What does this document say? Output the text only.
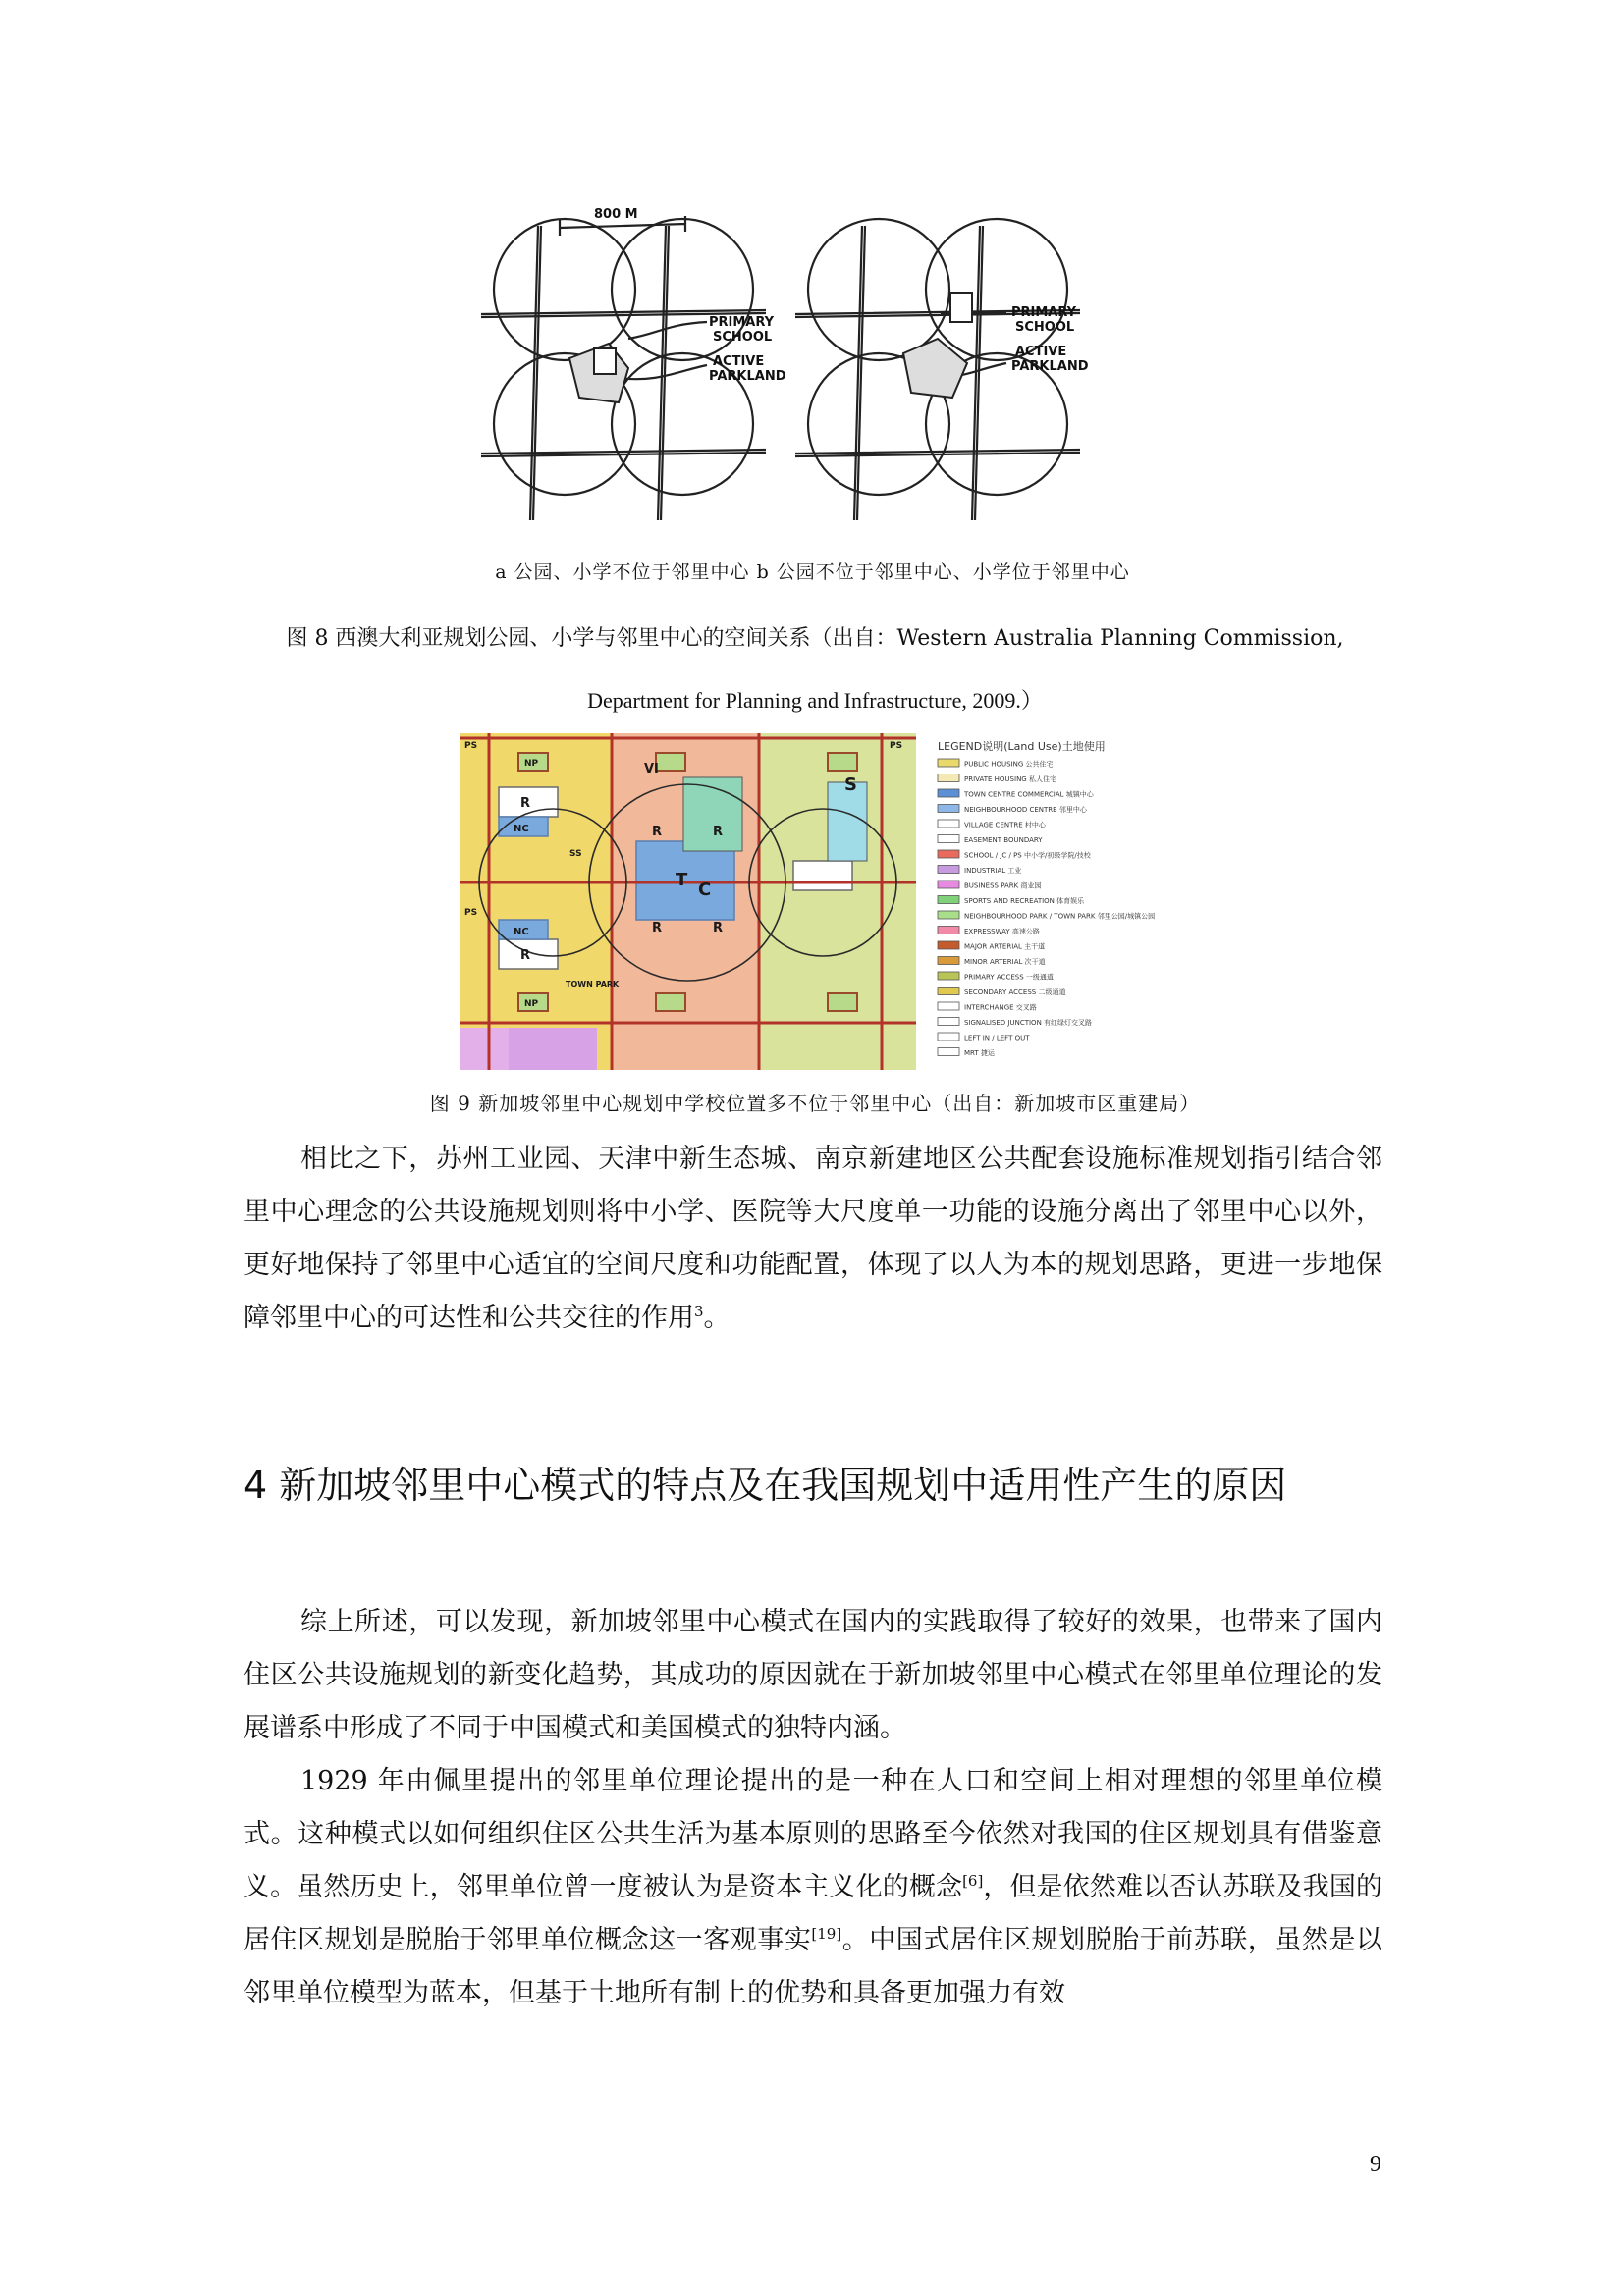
800 M
PRIMARY
SCHOOL
ACTIVE
PARKLAND
PRIMARY
SCHOOL
ACTIVE
PARKLAND
a 公园、小学不位于邻里中心 b 公园不位于邻里中心、小学位于邻里中心
图 8 西澳大利亚规划公园、小学与邻里中心的空间关系（出自：Western Australia Planning Commission,
Department for Planning and Infrastructure, 2009.）
R	R
R	R
T C
S
VI
NC
NC
R
R
PS
PS
PS
NP
NP
TOWN PARK
SS
LEGEND说明(Land Use)土地使用
PUBLIC HOUSING 公共住宅
PRIVATE HOUSING 私人住宅
TOWN CENTRE COMMERCIAL 城镇中心
NEIGHBOURHOOD CENTRE 邻里中心
VILLAGE CENTRE 村中心
EASEMENT BOUNDARY
SCHOOL / JC / PS 中小学/初级学院/技校
INDUSTRIAL 工业
BUSINESS PARK 商业园
SPORTS AND RECREATION 体育娱乐
NEIGHBOURHOOD PARK / TOWN PARK 邻里公园/城镇公园
EXPRESSWAY 高速公路
MAJOR ARTERIAL 主干道
MINOR ARTERIAL 次干道
PRIMARY ACCESS 一级通道
SECONDARY ACCESS 二级通道
INTERCHANGE 交叉路
SIGNALISED JUNCTION 有红绿灯交叉路
LEFT IN / LEFT OUT
MRT 捷运
图 9 新加坡邻里中心规划中学校位置多不位于邻里中心（出自：新加坡市区重建局）

相比之下，苏州工业园、天津中新生态城、南京新建地区公共配套设施标准规划指引结合邻里中心理念的公共设施规划则将中小学、医院等大尺度单一功能的设施分离出了邻里中心以外，更好地保持了邻里中心适宜的空间尺度和功能配置，体现了以人为本的规划思路，更进一步地保障邻里中心的可达性和公共交往的作用$^3$。

4 新加坡邻里中心模式的特点及在我国规划中适用性产生的原因

综上所述，可以发现，新加坡邻里中心模式在国内的实践取得了较好的效果，也带来了国内住区公共设施规划的新变化趋势，其成功的原因就在于新加坡邻里中心模式在邻里单位理论的发展谱系中形成了不同于中国模式和美国模式的独特内涵。

1929 年由佩里提出的邻里单位理论提出的是一种在人口和空间上相对理想的邻里单位模式。这种模式以如何组织住区公共生活为基本原则的思路至今依然对我国的住区规划具有借鉴意义。虽然历史上，邻里单位曾一度被认为是资本主义化的概念[6]，但是依然难以否认苏联及我国的居住区规划是脱胎于邻里单位概念这一客观事实[19]。中国式居住区规划脱胎于前苏联，虽然是以邻里单位模型为蓝本，但基于土地所有制上的优势和具备更加强力有效

9
